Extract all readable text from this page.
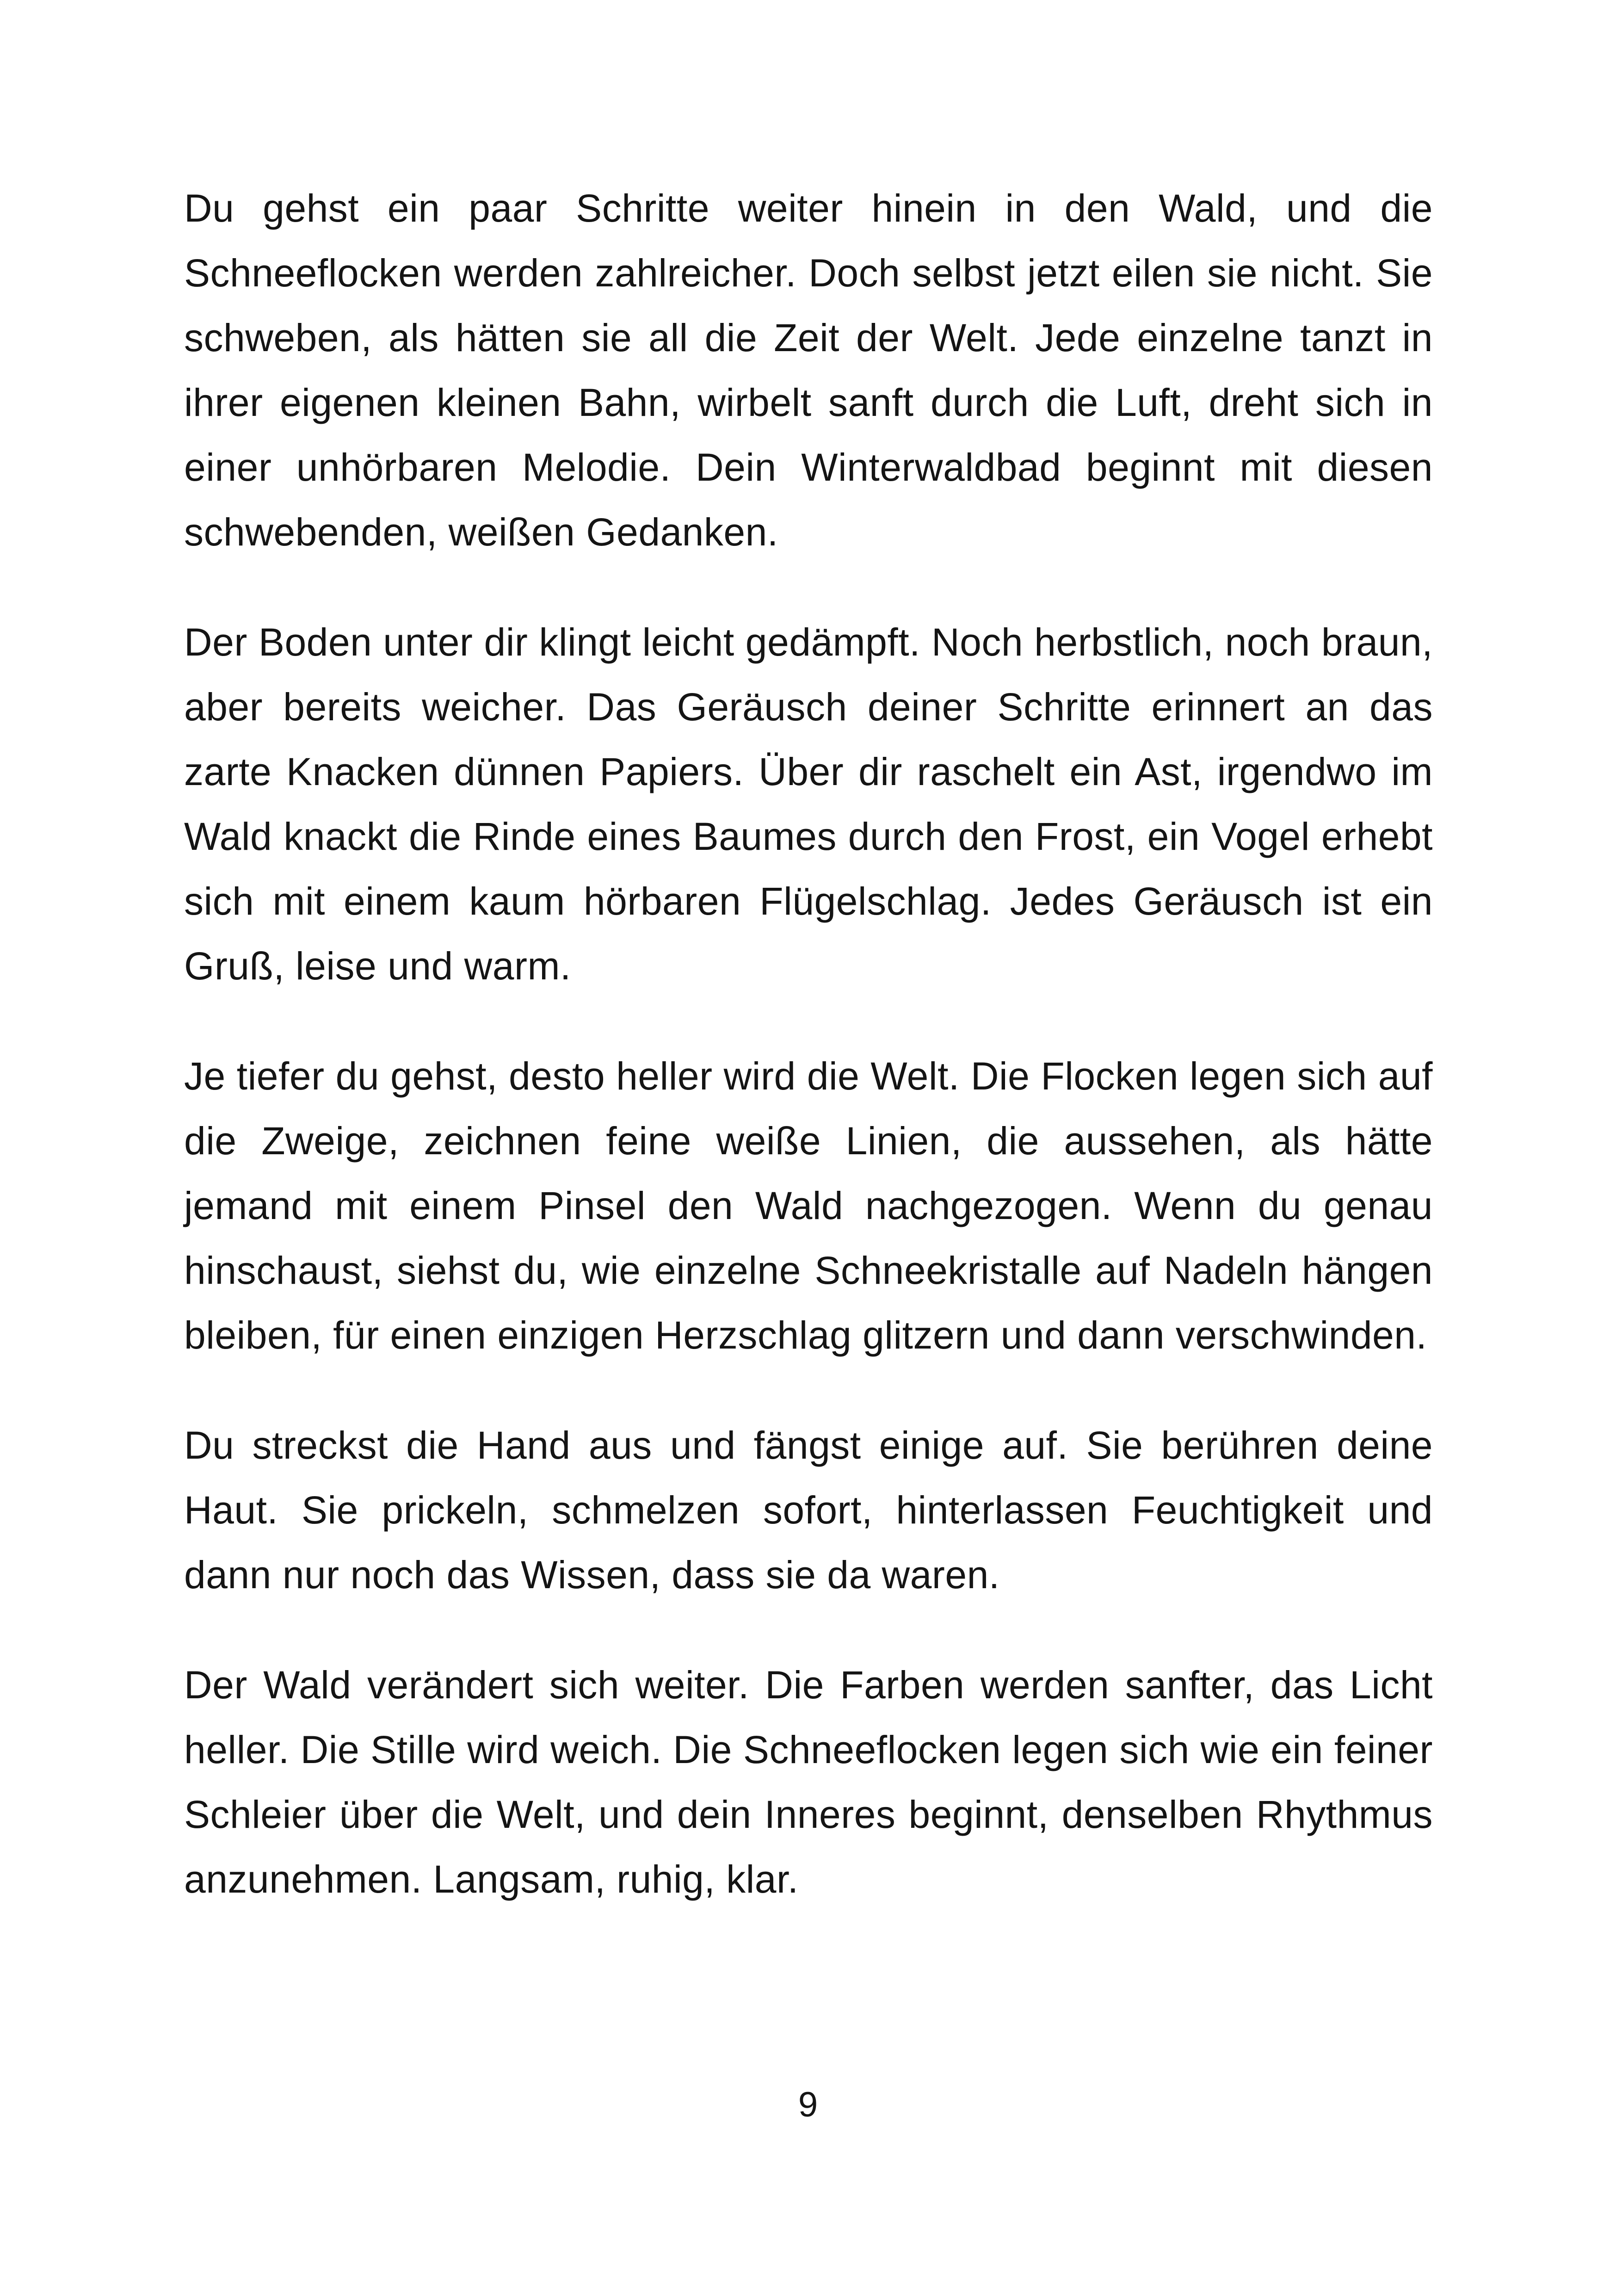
Du gehst ein paar Schritte weiter hinein in den Wald, und die Schneeflocken werden zahlreicher. Doch selbst jetzt eilen sie nicht. Sie schweben, als hätten sie all die Zeit der Welt. Jede einzelne tanzt in ihrer eigenen kleinen Bahn, wirbelt sanft durch die Luft, dreht sich in einer unhörbaren Melodie. Dein Winterwaldbad beginnt mit diesen schwebenden, weißen Gedanken.

Der Boden unter dir klingt leicht gedämpft. Noch herbstlich, noch braun, aber bereits weicher. Das Geräusch deiner Schritte erinnert an das zarte Knacken dünnen Papiers. Über dir raschelt ein Ast, irgendwo im Wald knackt die Rinde eines Baumes durch den Frost, ein Vogel erhebt sich mit einem kaum hörbaren Flügelschlag. Jedes Geräusch ist ein Gruß, leise und warm.

Je tiefer du gehst, desto heller wird die Welt. Die Flocken legen sich auf die Zweige, zeichnen feine weiße Linien, die aussehen, als hätte jemand mit einem Pinsel den Wald nachgezogen. Wenn du genau hinschaust, siehst du, wie einzelne Schneekristalle auf Nadeln hängen bleiben, für einen einzigen Herzschlag glitzern und dann verschwinden.

Du streckst die Hand aus und fängst einige auf. Sie berühren deine Haut. Sie prickeln, schmelzen sofort, hinterlassen Feuchtigkeit und dann nur noch das Wissen, dass sie da waren.

Der Wald verändert sich weiter. Die Farben werden sanfter, das Licht heller. Die Stille wird weich. Die Schneeflocken legen sich wie ein feiner Schleier über die Welt, und dein Inneres beginnt, denselben Rhythmus anzunehmen. Langsam, ruhig, klar.

9
